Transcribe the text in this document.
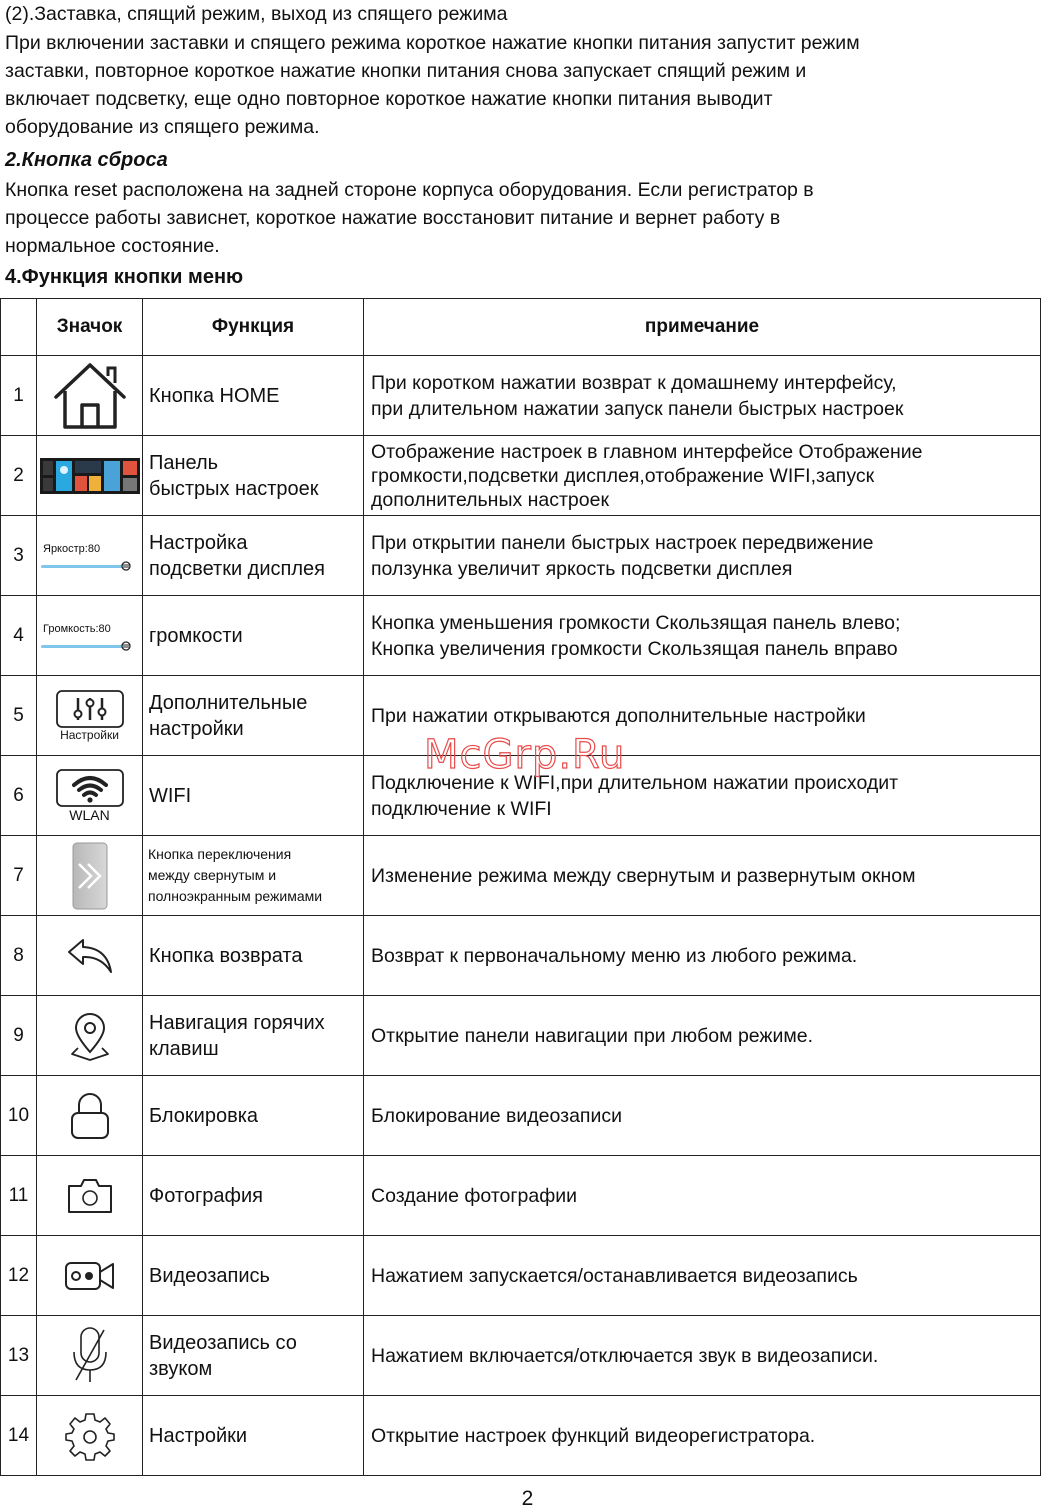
(2).Заставка, спящий режим, выход из спящего режима
При включении заставки и спящего режима короткое нажатие кнопки питания запустит режим
заставки, повторное короткое нажатие кнопки питания снова запускает спящий режим и
включает подсветку, еще одно повторное короткое нажатие кнопки питания выводит
оборудование из спящего режима.
2.Кнопка сброса
Кнопка reset расположена на задней стороне корпуса оборудования. Если регистратор в
процессе работы зависнет, короткое нажатие восстановит питание и вернет работу в
нормальное состояние.
4.Функция кнопки меню
	Значок	Функция	примечание
1		Кнопка HOME	При коротком нажатии возврат к домашнему интерфейсу,
при длительном нажатии запуск панели быстрых настроек
2		Панель
быстрых настроек	Отображение настроек в главном интерфейсе Отображение
громкости,подсветки дисплея,отображение WIFI,запуск
дополнительных настроек
3	Яркостр:80	Настройка
подсветки дисплея	При открытии панели быстрых настроек передвижение
ползунка увеличит яркость подсветки дисплея
4	Громкость:80	громкости	Кнопка уменьшения громкости Скользящая панель влево;
Кнопка увеличения громкости Скользящая панель вправо
5	Настройки	Дополнительные
настройки	При нажатии открываются дополнительные настройки
6	WLAN	WIFI	Подключение к WIFI,при длительном нажатии происходит
подключение к WIFI
7		Кнопка переключения
между свернутым и
полноэкранным режимами	Изменение режима между свернутым и развернутым окном
8		Кнопка возврата	Возврат к первоначальному меню из любого режима.
9		Навигация горячих
клавиш	Открытие панели навигации при любом режиме.
10		Блокировка	Блокирование видеозаписи
11		Фотография	Создание фотографии
12		Видеозапись	Нажатием запускается/останавливается видеозапись
13		Видеозапись со
звуком	Нажатием включается/отключается звук в видеозаписи.
14		Настройки	Открытие настроек функций видеорегистратора.
McGrp.Ru
2
